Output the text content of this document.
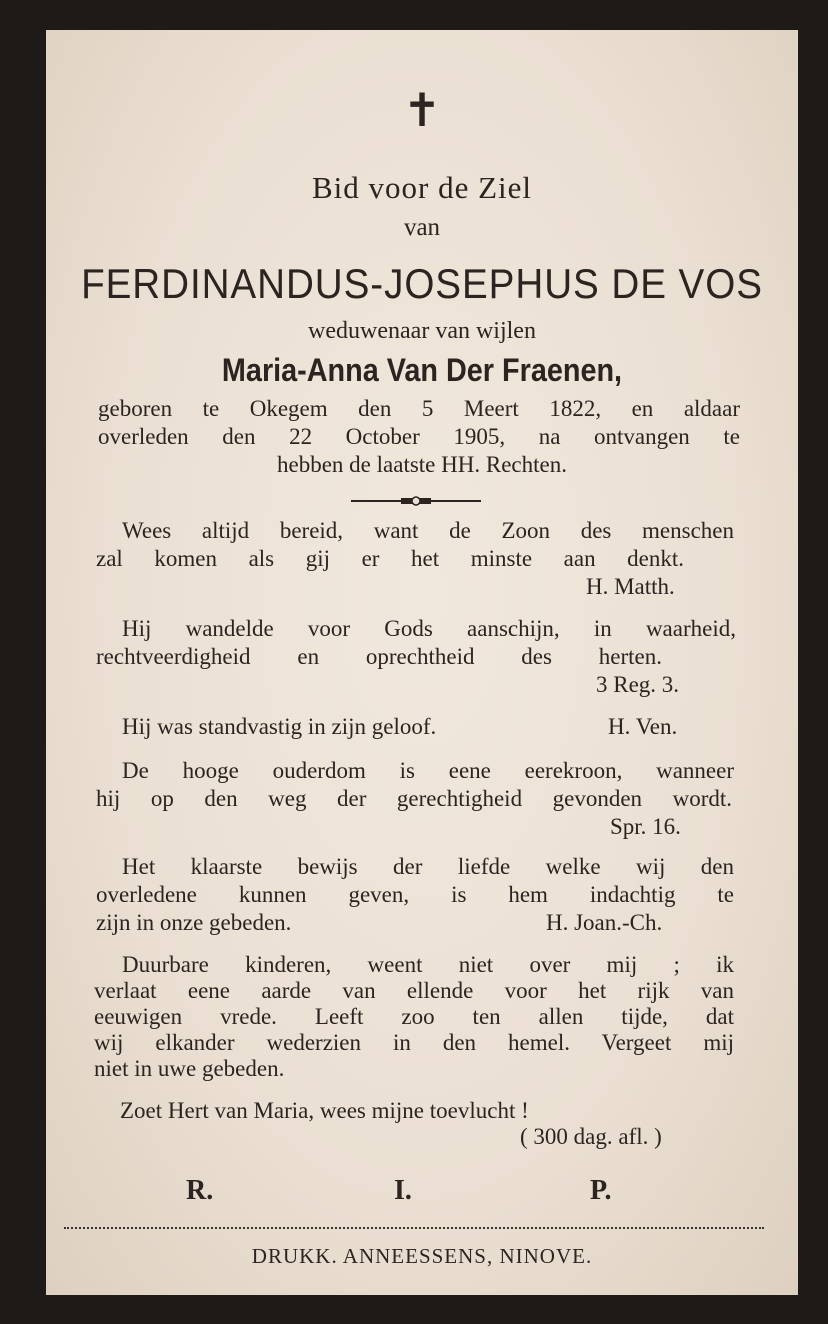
✝

Bid voor de Ziel

van

FERDINANDUS-JOSEPHUS DE VOS

weduwenaar van wijlen

Maria-Anna Van Der Fraenen,

geboren te Okegem den 5 Meert 1822, en aldaar

overleden den 22 October 1905, na ontvangen te

hebben de laatste HH. Rechten.

Wees altijd bereid, want de Zoon des menschen

zal komen als gij er het minste aan denkt.

H. Matth.

Hij wandelde voor Gods aanschijn, in waarheid,

rechtveerdigheid en oprechtheid des herten.

3 Reg. 3.

Hij was standvastig in zijn geloof.	H. Ven.

De hooge ouderdom is eene eerekroon, wanneer

hij op den weg der gerechtigheid gevonden wordt.

Spr. 16.

Het klaarste bewijs der liefde welke wij den

overledene kunnen geven, is hem indachtig te

zijn in onze gebeden.	H. Joan.-Ch.

Duurbare kinderen, weent niet over mij ; ik

verlaat eene aarde van ellende voor het rijk van

eeuwigen vrede. Leeft zoo ten allen tijde, dat

wij elkander wederzien in den hemel. Vergeet mij

niet in uwe gebeden.

Zoet Hert van Maria, wees mijne toevlucht !

( 300 dag. afl. )

R.	I.	P.

DRUKK. ANNEESSENS, NINOVE.
